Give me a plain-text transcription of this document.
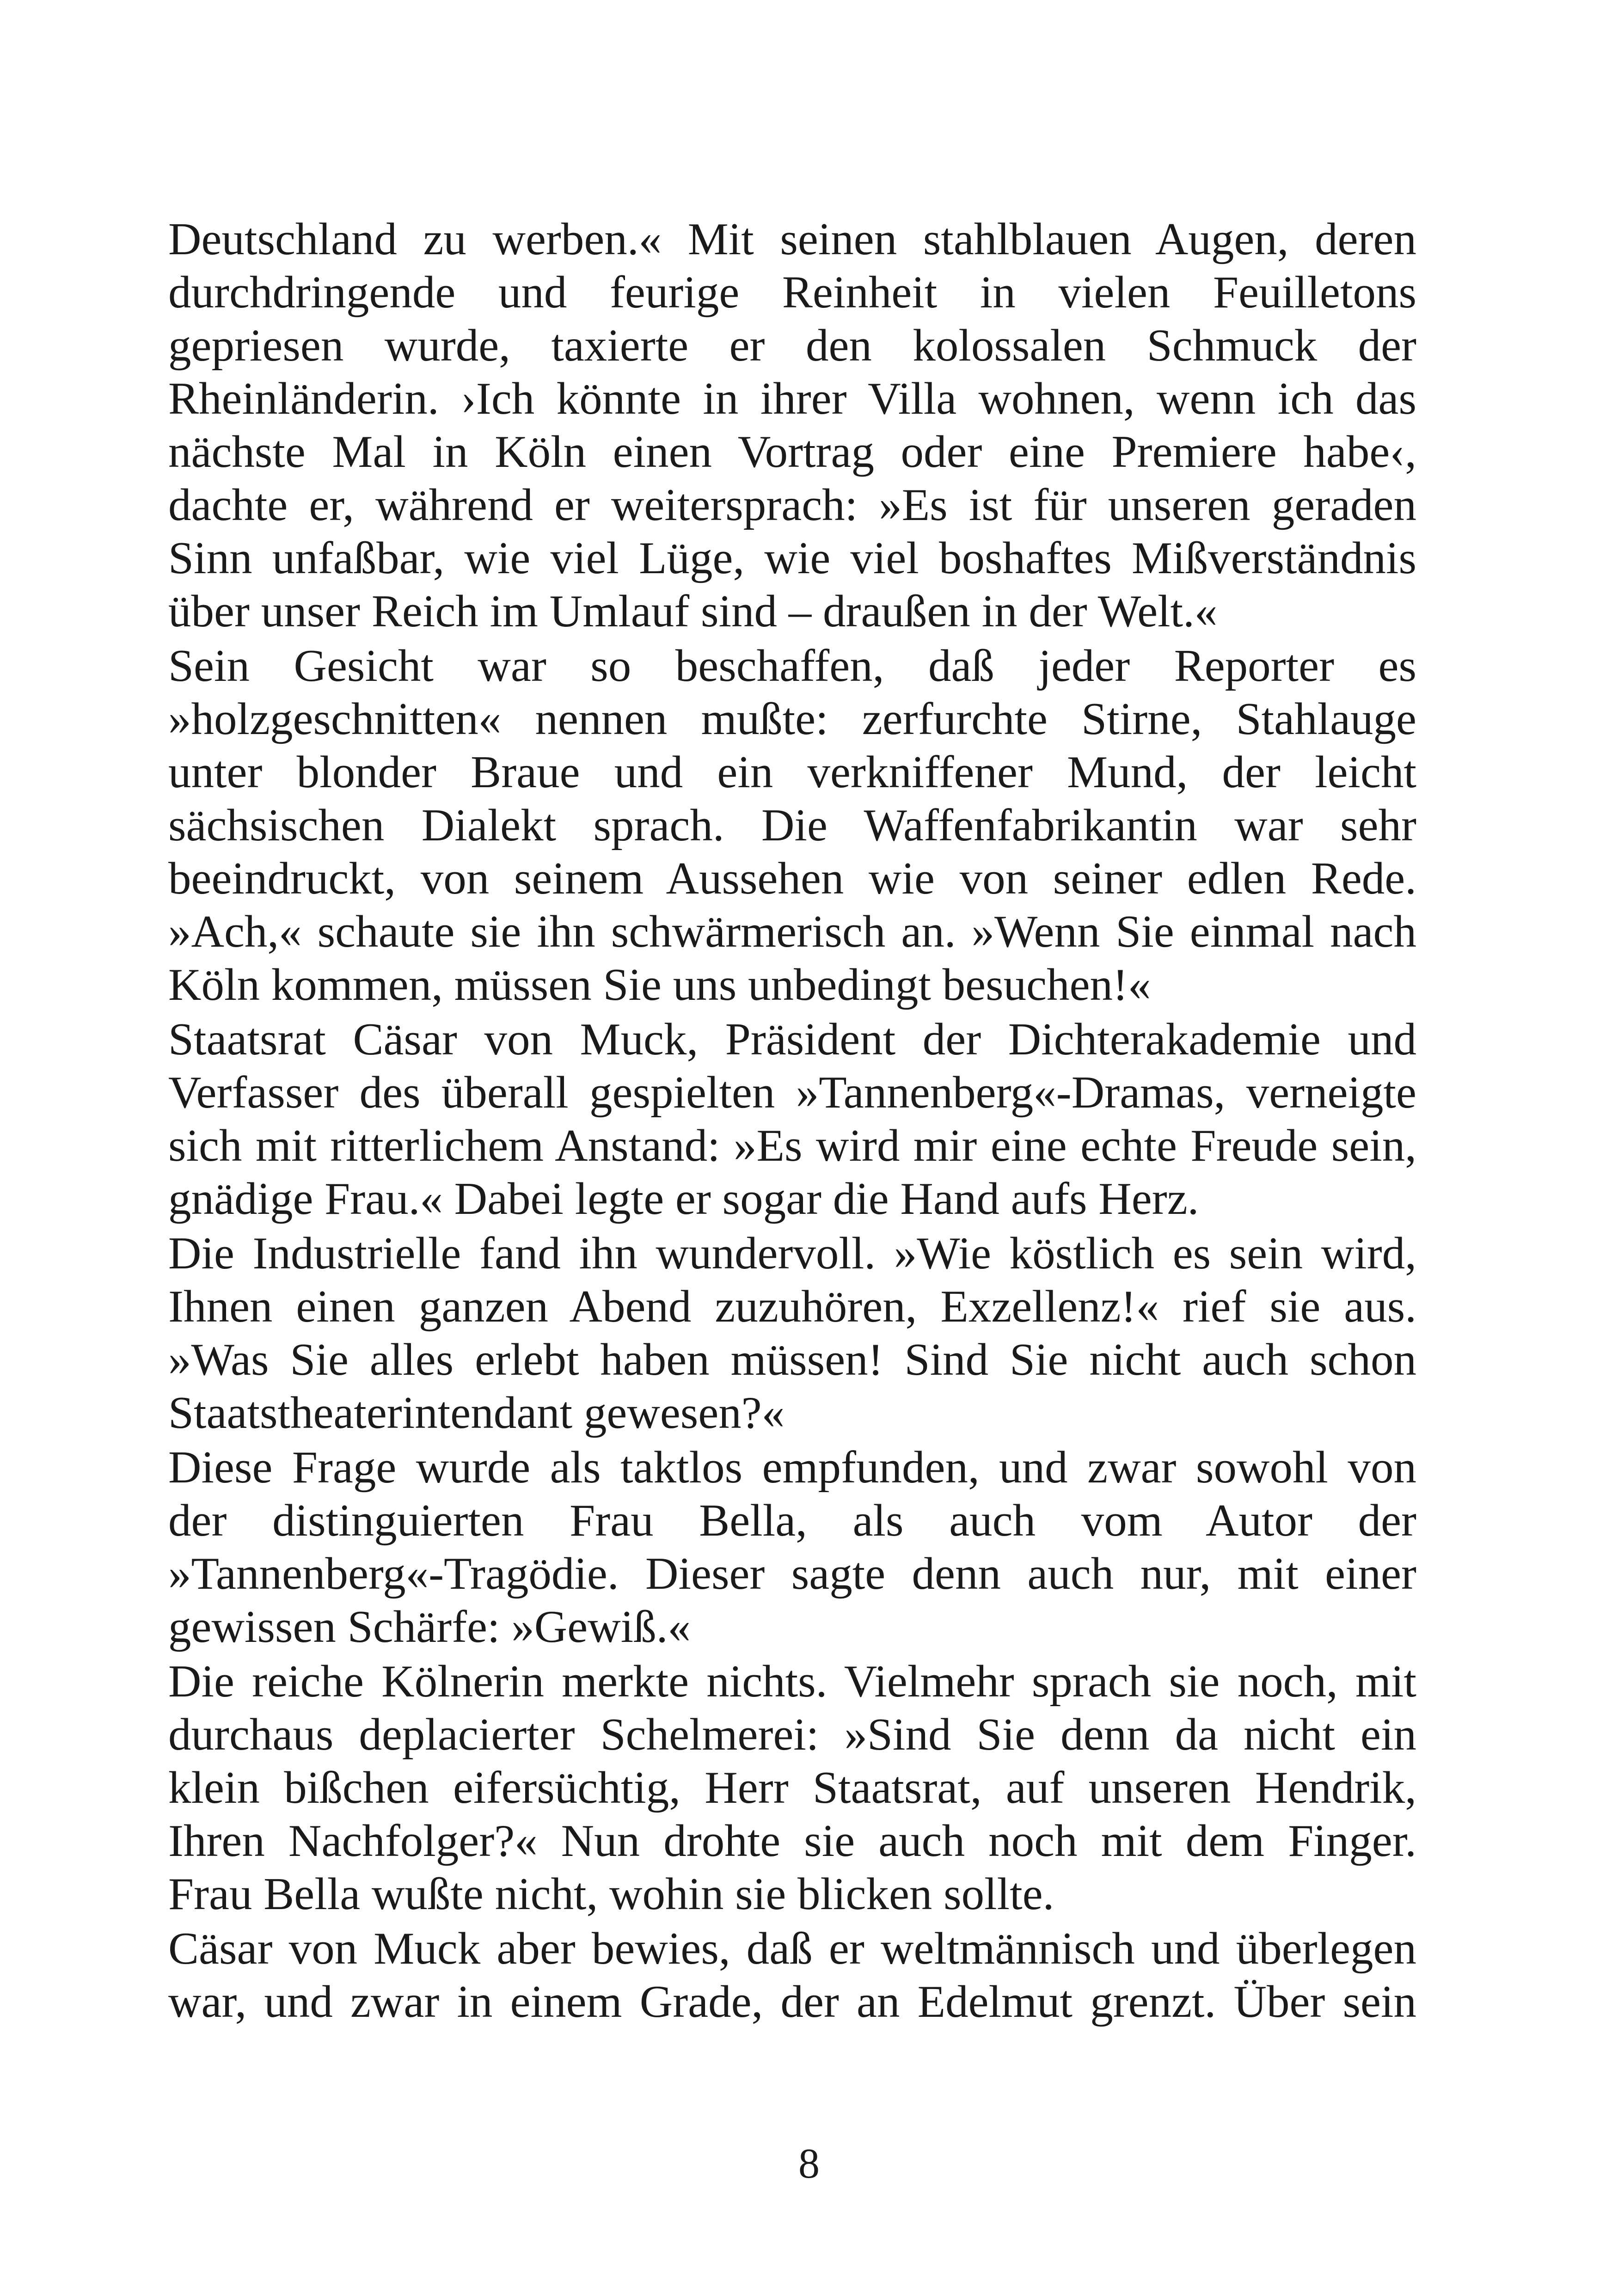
Deutschland zu werben.« Mit seinen stahlblauen Augen, deren
durchdringende und feurige Reinheit in vielen Feuilletons
gepriesen wurde, taxierte er den kolossalen Schmuck der
Rheinländerin. ›Ich könnte in ihrer Villa wohnen, wenn ich das
nächste Mal in Köln einen Vortrag oder eine Premiere habe‹,
dachte er, während er weitersprach: »Es ist für unseren geraden
Sinn unfaßbar, wie viel Lüge, wie viel boshaftes Mißverständnis
über unser Reich im Umlauf sind – draußen in der Welt.«
Sein Gesicht war so beschaffen, daß jeder Reporter es
»holzgeschnitten« nennen mußte: zerfurchte Stirne, Stahlauge
unter blonder Braue und ein verkniffener Mund, der leicht
sächsischen Dialekt sprach. Die Waffenfabrikantin war sehr
beeindruckt, von seinem Aussehen wie von seiner edlen Rede.
»Ach,« schaute sie ihn schwärmerisch an. »Wenn Sie einmal nach
Köln kommen, müssen Sie uns unbedingt besuchen!«
Staatsrat Cäsar von Muck, Präsident der Dichterakademie und
Verfasser des überall gespielten »Tannenberg«-Dramas, verneigte
sich mit ritterlichem Anstand: »Es wird mir eine echte Freude sein,
gnädige Frau.« Dabei legte er sogar die Hand aufs Herz.
Die Industrielle fand ihn wundervoll. »Wie köstlich es sein wird,
Ihnen einen ganzen Abend zuzuhören, Exzellenz!« rief sie aus.
»Was Sie alles erlebt haben müssen! Sind Sie nicht auch schon
Staatstheaterintendant gewesen?«
Diese Frage wurde als taktlos empfunden, und zwar sowohl von
der distinguierten Frau Bella, als auch vom Autor der
»Tannenberg«-Tragödie. Dieser sagte denn auch nur, mit einer
gewissen Schärfe: »Gewiß.«
Die reiche Kölnerin merkte nichts. Vielmehr sprach sie noch, mit
durchaus deplacierter Schelmerei: »Sind Sie denn da nicht ein
klein bißchen eifersüchtig, Herr Staatsrat, auf unseren Hendrik,
Ihren Nachfolger?« Nun drohte sie auch noch mit dem Finger.
Frau Bella wußte nicht, wohin sie blicken sollte.
Cäsar von Muck aber bewies, daß er weltmännisch und überlegen
war, und zwar in einem Grade, der an Edelmut grenzt. Über sein
8
